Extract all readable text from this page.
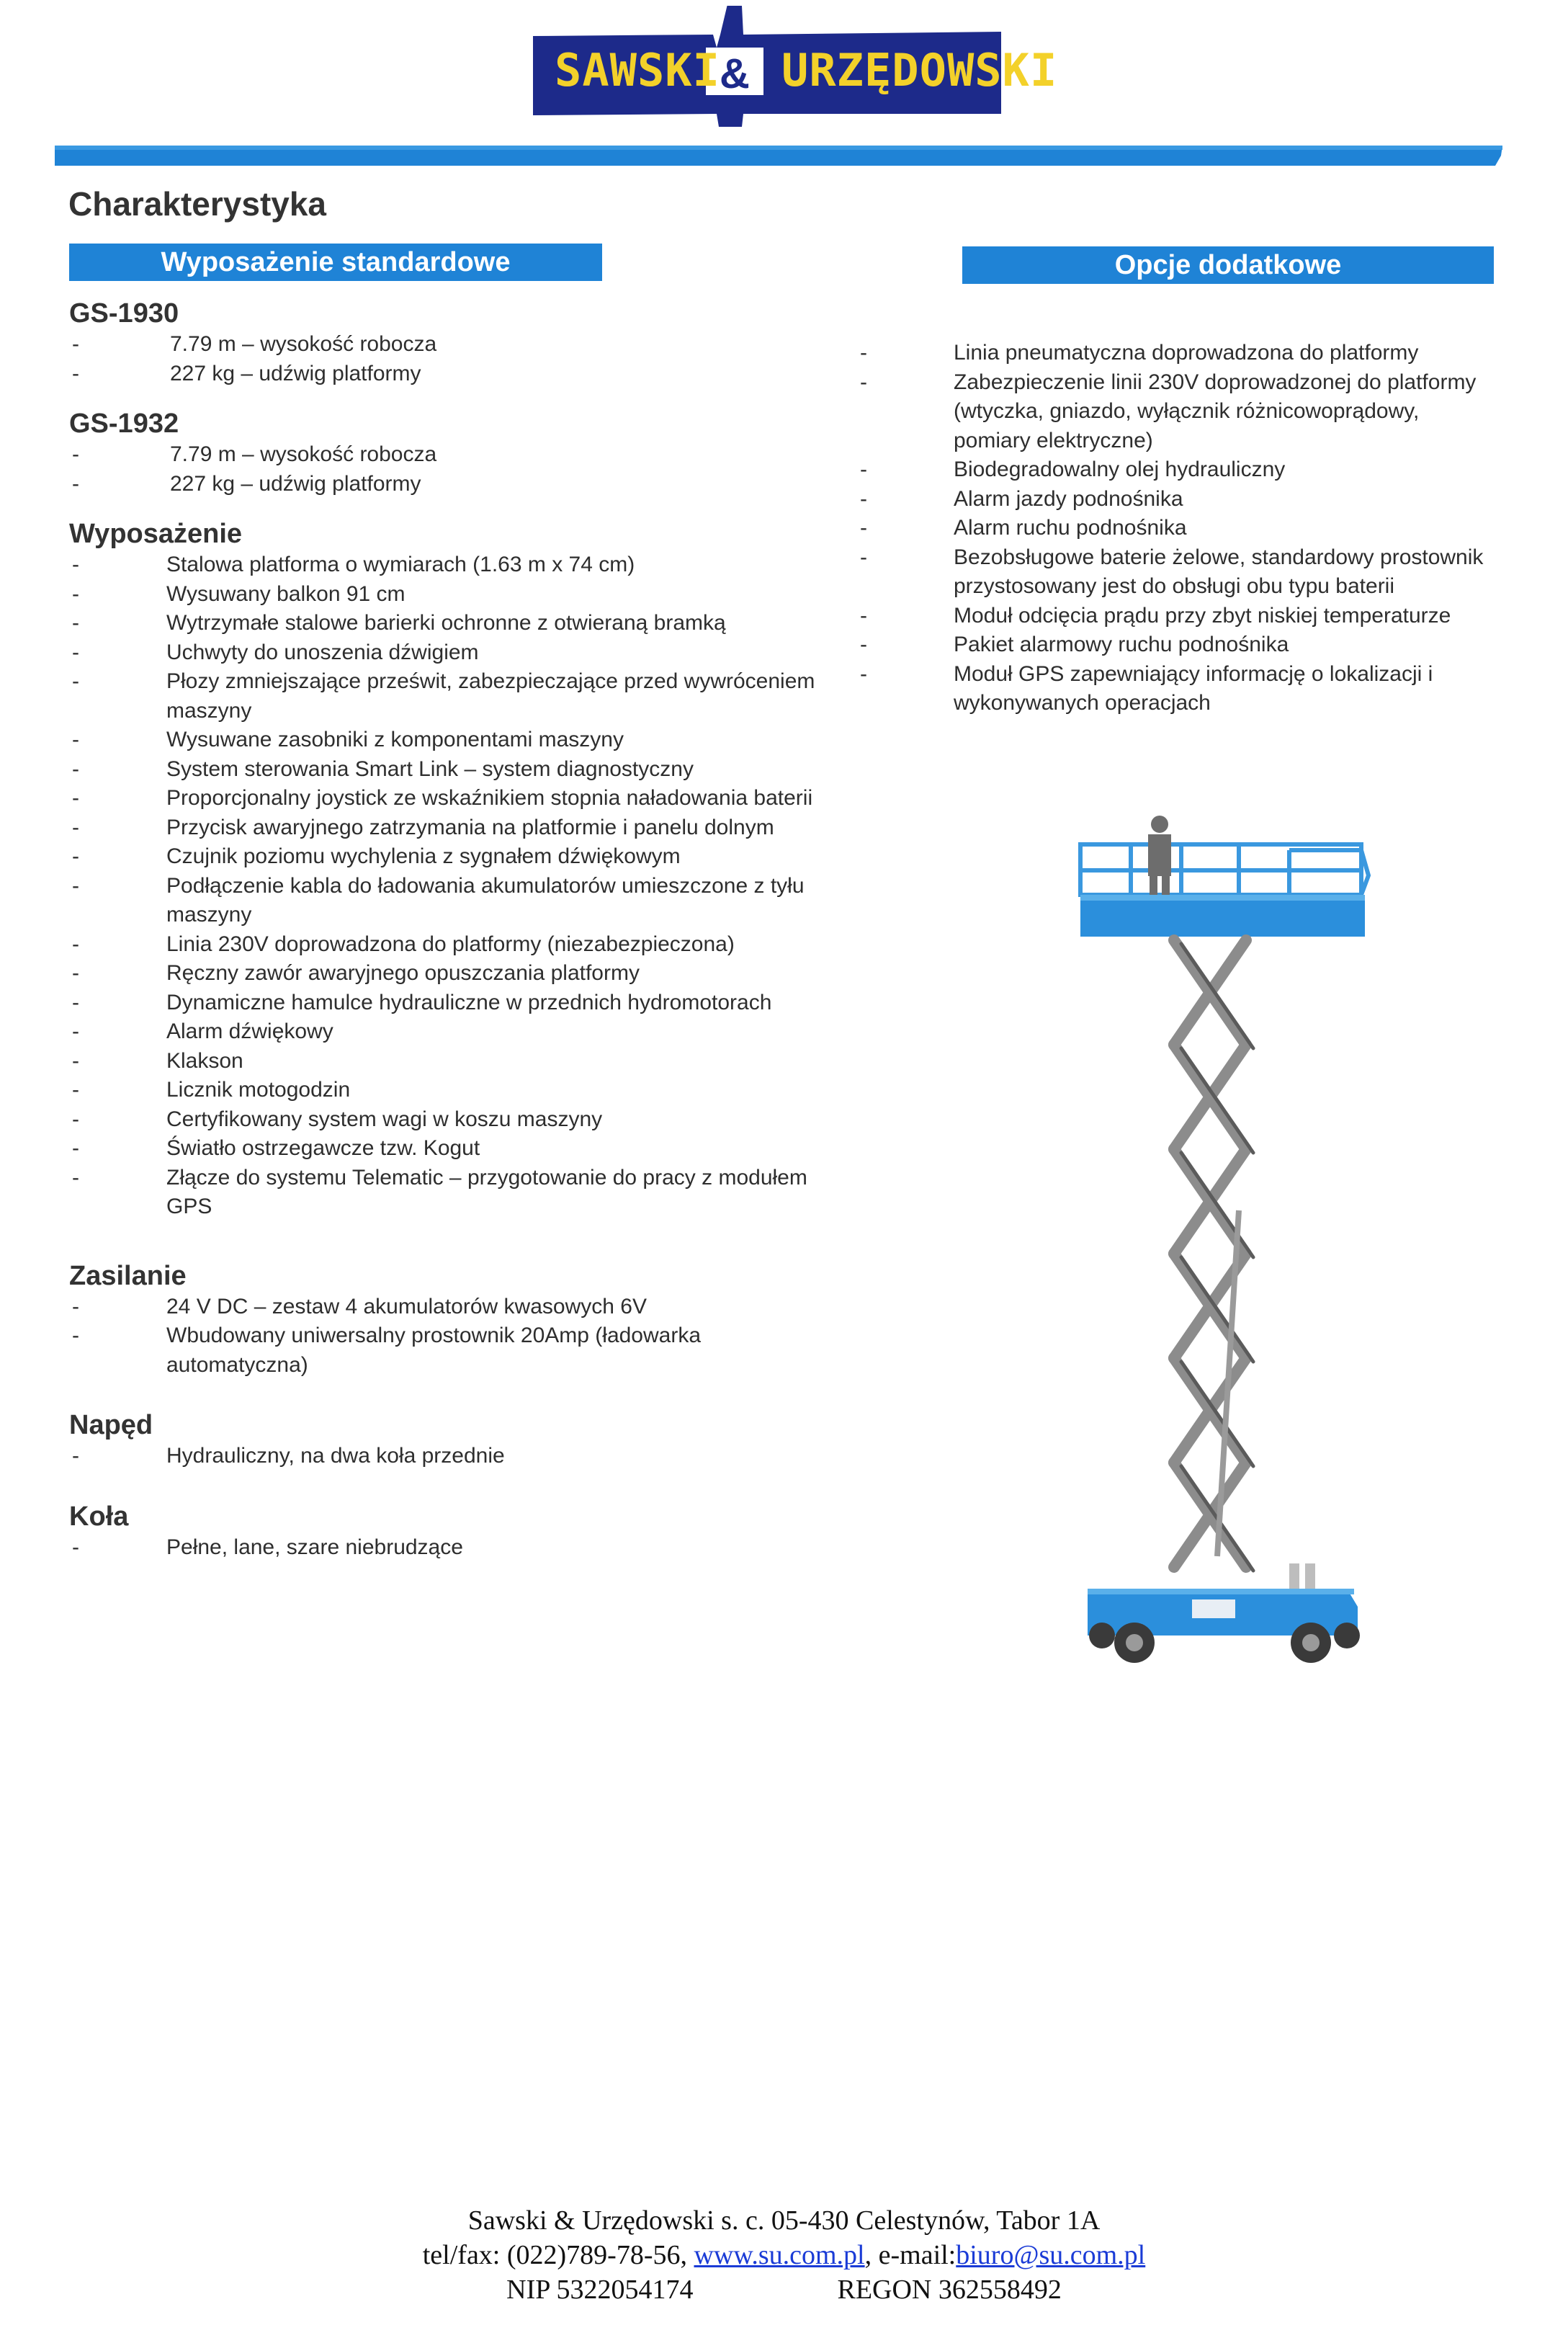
SAWSKI & URZĘDOWSKI
Charakterystyka
Wyposażenie standardowe	Opcje dodatkowe
GS-1930
- 7.79 m – wysokość robocza
- 227 kg – udźwig platformy
GS-1932
- 7.79 m – wysokość robocza
- 227 kg – udźwig platformy
Wyposażenie
- Stalowa platforma o wymiarach (1.63 m x 74 cm)
- Wysuwany balkon 91 cm
- Wytrzymałe stalowe barierki ochronne z otwieraną bramką
- Uchwyty do unoszenia dźwigiem
- Płozy zmniejszające prześwit, zabezpieczające przed wywróceniem maszyny
- Wysuwane zasobniki z komponentami maszyny
- System sterowania Smart Link – system diagnostyczny
- Proporcjonalny joystick ze wskaźnikiem stopnia naładowania baterii
- Przycisk awaryjnego zatrzymania na platformie i panelu dolnym
- Czujnik poziomu wychylenia z sygnałem dźwiękowym
- Podłączenie kabla do ładowania akumulatorów umieszczone z tyłu maszyny
- Linia 230V doprowadzona do platformy (niezabezpieczona)
- Ręczny zawór awaryjnego opuszczania platformy
- Dynamiczne hamulce hydrauliczne w przednich hydromotorach
- Alarm dźwiękowy
- Klakson
- Licznik motogodzin
- Certyfikowany system wagi w koszu maszyny
- Światło ostrzegawcze tzw. Kogut
- Złącze do systemu Telematic – przygotowanie do pracy z modułem GPS
Zasilanie
- 24 V DC – zestaw 4 akumulatorów kwasowych 6V
- Wbudowany uniwersalny prostownik 20Amp (ładowarka automatyczna)
Napęd
- Hydrauliczny, na dwa koła przednie
Koła
- Pełne, lane, szare niebrudzące
- Linia pneumatyczna doprowadzona do platformy
- Zabezpieczenie linii 230V doprowadzonej do platformy (wtyczka, gniazdo, wyłącznik różnicowoprądowy, pomiary elektryczne)
- Biodegradowalny olej hydrauliczny
- Alarm jazdy podnośnika
- Alarm ruchu podnośnika
- Bezobsługowe baterie żelowe, standardowy prostownik przystosowany jest do obsługi obu typu baterii
- Moduł odcięcia prądu przy zbyt niskiej temperaturze
- Pakiet alarmowy ruchu podnośnika
- Moduł GPS zapewniający informację o lokalizacji i wykonywanych operacjach
Sawski & Urzędowski s. c. 05-430 Celestynów, Tabor 1A
tel/fax: (022)789-78-56, www.su.com.pl, e-mail:biuro@su.com.pl
NIP 5322054174	REGON 362558492
